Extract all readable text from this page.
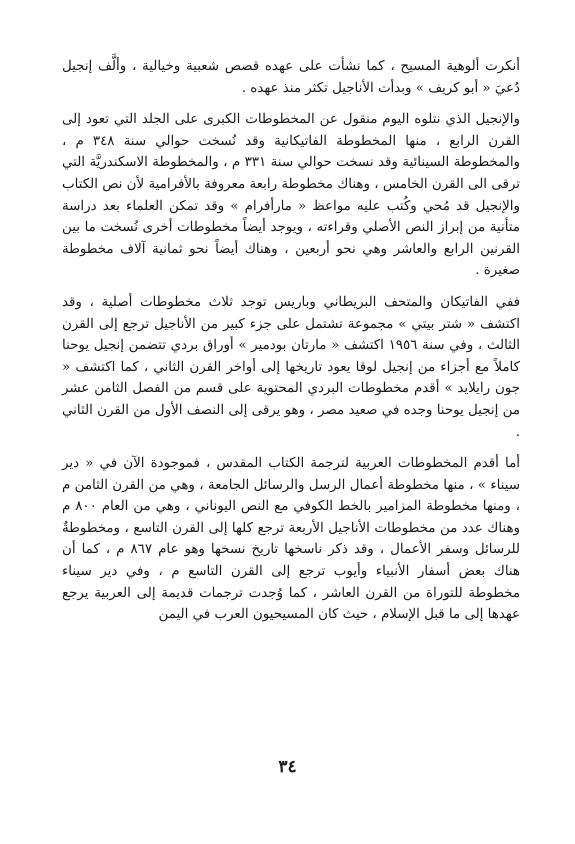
أنكرت ألوهية المسيح ، كما نشأت على عهده قصص شعبية وخيالية ، وألَّف إنجيل دُعيَ « أبو كريف » وبدأت الأناجيل تكثر منذ عهده .

والإنجيل الذي نتلوه اليوم منقول عن المخطوطات الكبرى على الجلد التي تعود إلى القرن الرابع ، منها المخطوطة الفاتيكانية وقد نُسخت حوالي سنة ٣٤٨ م ، والمخطوطة السينائية وقد نسخت حوالي سنة ٣٣١ م ، والمخطوطة الاسكندريَّة التي ترقى الى القرن الخامس ، وهناك مخطوطة رابعة معروفة بالأفرامية لأن نص الكتاب والإنجيل قد مُحي وكُتب عليه مواعظ « مارأفرام » وقد تمكن العلماء بعد دراسة متأنية من إبراز النص الأصلي وقراءته ، ويوجد أيضاً مخطوطات أخرى نُسخت ما بين القرنين الرابع والعاشر وهي نحو أربعين ، وهناك أيضاً نحو ثمانية آلاف مخطوطة صغيرة .

ففي الفاتيكان والمتحف البريطاني وباريس توجد ثلاث مخطوطات أصلية ، وقد اكتشف « شتر بيتي » مجموعة تشتمل على جزء كبير من الأناجيل ترجع إلى القرن الثالث ، وفي سنة ١٩٥٦ اكتشف « مارتان بودمير » أوراق بردي تتضمن إنجيل يوحنا كاملاً مع أجزاء من إنجيل لوقا يعود تاريخها إلى أواخر القرن الثاني ، كما اكتشف « جون رايلايد » أقدم مخطوطات البردي المحتوية على قسم من الفصل الثامن عشر من إنجيل يوحنا وجده في صعيد مصر ، وهو يرقى إلى النصف الأول من القرن الثاني .

أما أقدم المخطوطات العربية لترجمة الكتاب المقدس ، فموجودة الآن في « دير سيناء » ، منها مخطوطة أعمال الرسل والرسائل الجامعة ، وهي من القرن الثامن م ، ومنها مخطوطة المزامير بالخط الكوفي مع النص اليوناني ، وهي من العام ٨٠٠ م وهناك عدد من مخطوطات الأناجيل الأربعة ترجع كلها إلى القرن التاسع ، ومخطوطةٌ للرسائل وسفر الأعمال ، وقد ذكر ناسخها تاريخ نسخها وهو عام ٨٦٧ م ، كما أن هناك بعض أسفار الأنبياء وأيوب ترجع إلى القرن التاسع م ، وفي دير سيناء مخطوطة للتوراة من القرن العاشر ، كما وُجدت ترجمات قديمة إلى العربية يرجع عهدها إلى ما قبل الإسلام ، حيث كان المسيحيون العرب في اليمن

٣٤
